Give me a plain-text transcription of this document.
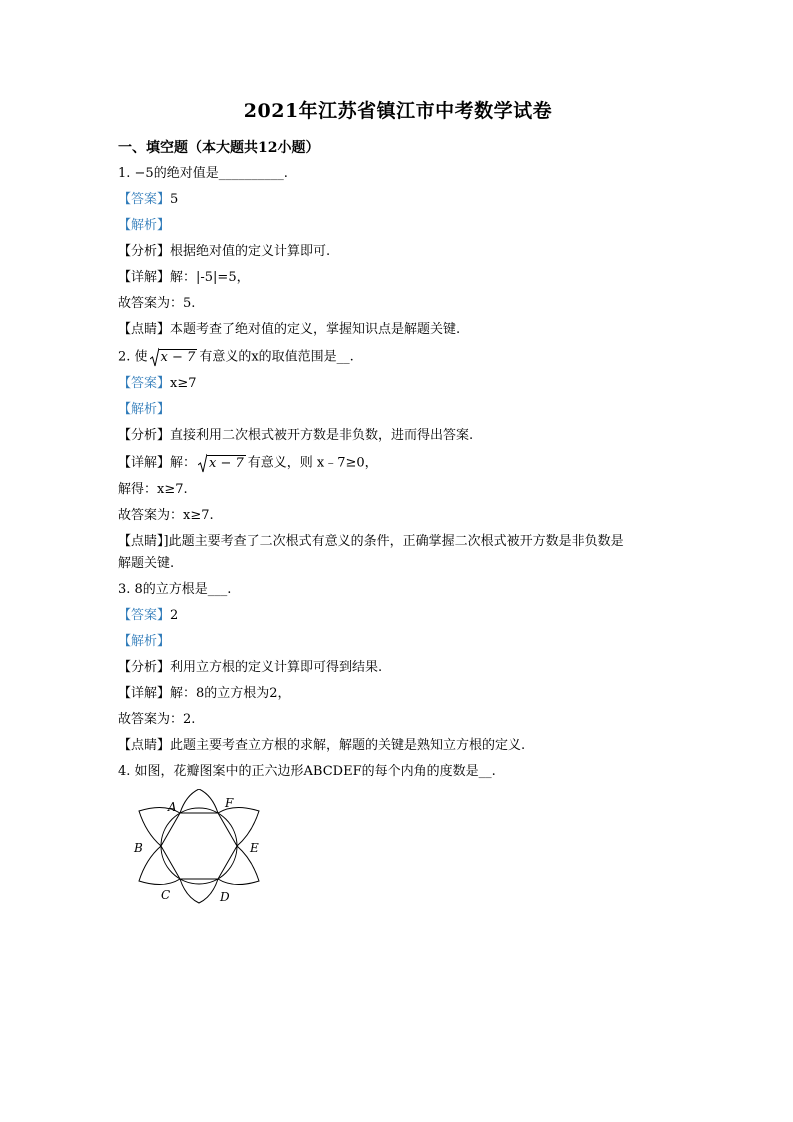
2021年江苏省镇江市中考数学试卷
一、填空题（本大题共12小题）
1. −5的绝对值是__________.
【答案】5
【解析】
【分析】根据绝对值的定义计算即可.
【详解】解：|-5|=5，
故答案为：5.
【点睛】本题考查了绝对值的定义，掌握知识点是解题关键.
2. 使 x − 7 有意义的x的取值范围是__.
【答案】x≥7
【解析】
【分析】直接利用二次根式被开方数是非负数，进而得出答案.
【详解】解： x − 7 有意义，则 x﹣7≥0，
解得：x≥7.
故答案为：x≥7.
【点睛】]此题主要考查了二次根式有意义的条件，正确掌握二次根式被开方数是非负数是
解题关键.
3. 8的立方根是___.
【答案】2
【解析】
【分析】利用立方根的定义计算即可得到结果.
【详解】解：8的立方根为2，
故答案为：2.
【点睛】此题主要考查立方根的求解，解题的关键是熟知立方根的定义.
4. 如图，花瓣图案中的正六边形ABCDEF的每个内角的度数是__.
A	F
B	E
C	D
